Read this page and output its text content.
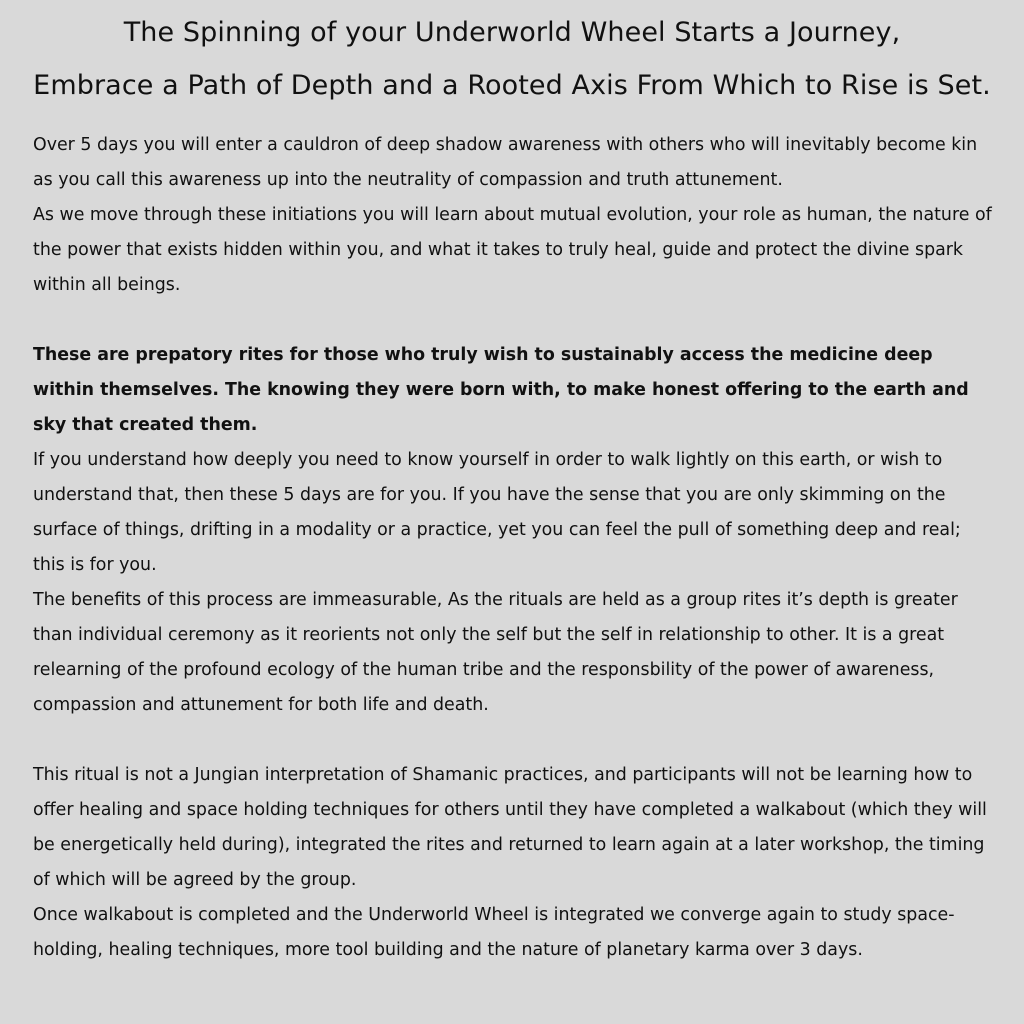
The Spinning of your Underworld Wheel Starts a Journey,
Embrace a Path of Depth and a Rooted Axis From Which to Rise is Set.

Over 5 days you will enter a cauldron of deep shadow awareness with others who will inevitably become kin as you call this awareness up into the neutrality of compassion and truth attunement.

As we move through these initiations you will learn about mutual evolution, your role as human, the nature of the power that exists hidden within you, and what it takes to truly heal, guide and protect the divine spark within all beings.

These are prepatory rites for those who truly wish to sustainably access the medicine deep within themselves. The knowing they were born with, to make honest offering to the earth and sky that created them.

If you understand how deeply you need to know yourself in order to walk lightly on this earth, or wish to understand that, then these 5 days are for you. If you have the sense that you are only skimming on the surface of things, drifting in a modality or a practice, yet you can feel the pull of something deep and real; this is for you.

The benefits of this process are immeasurable, As the rituals are held as a group rites it’s depth is greater than individual ceremony as it reorients not only the self but the self in relationship to other. It is a great relearning of the profound ecology of the human tribe and the responsbility of the power of awareness, compassion and attunement for both life and death.

This ritual is not a Jungian interpretation of Shamanic practices, and participants will not be learning how to offer healing and space holding techniques for others until they have completed a walkabout (which they will be energetically held during), integrated the rites and returned to learn again at a later workshop, the timing of which will be agreed by the group.

Once walkabout is completed and the Underworld Wheel is integrated we converge again to study space-holding, healing techniques, more tool building and the nature of planetary karma over 3 days.
